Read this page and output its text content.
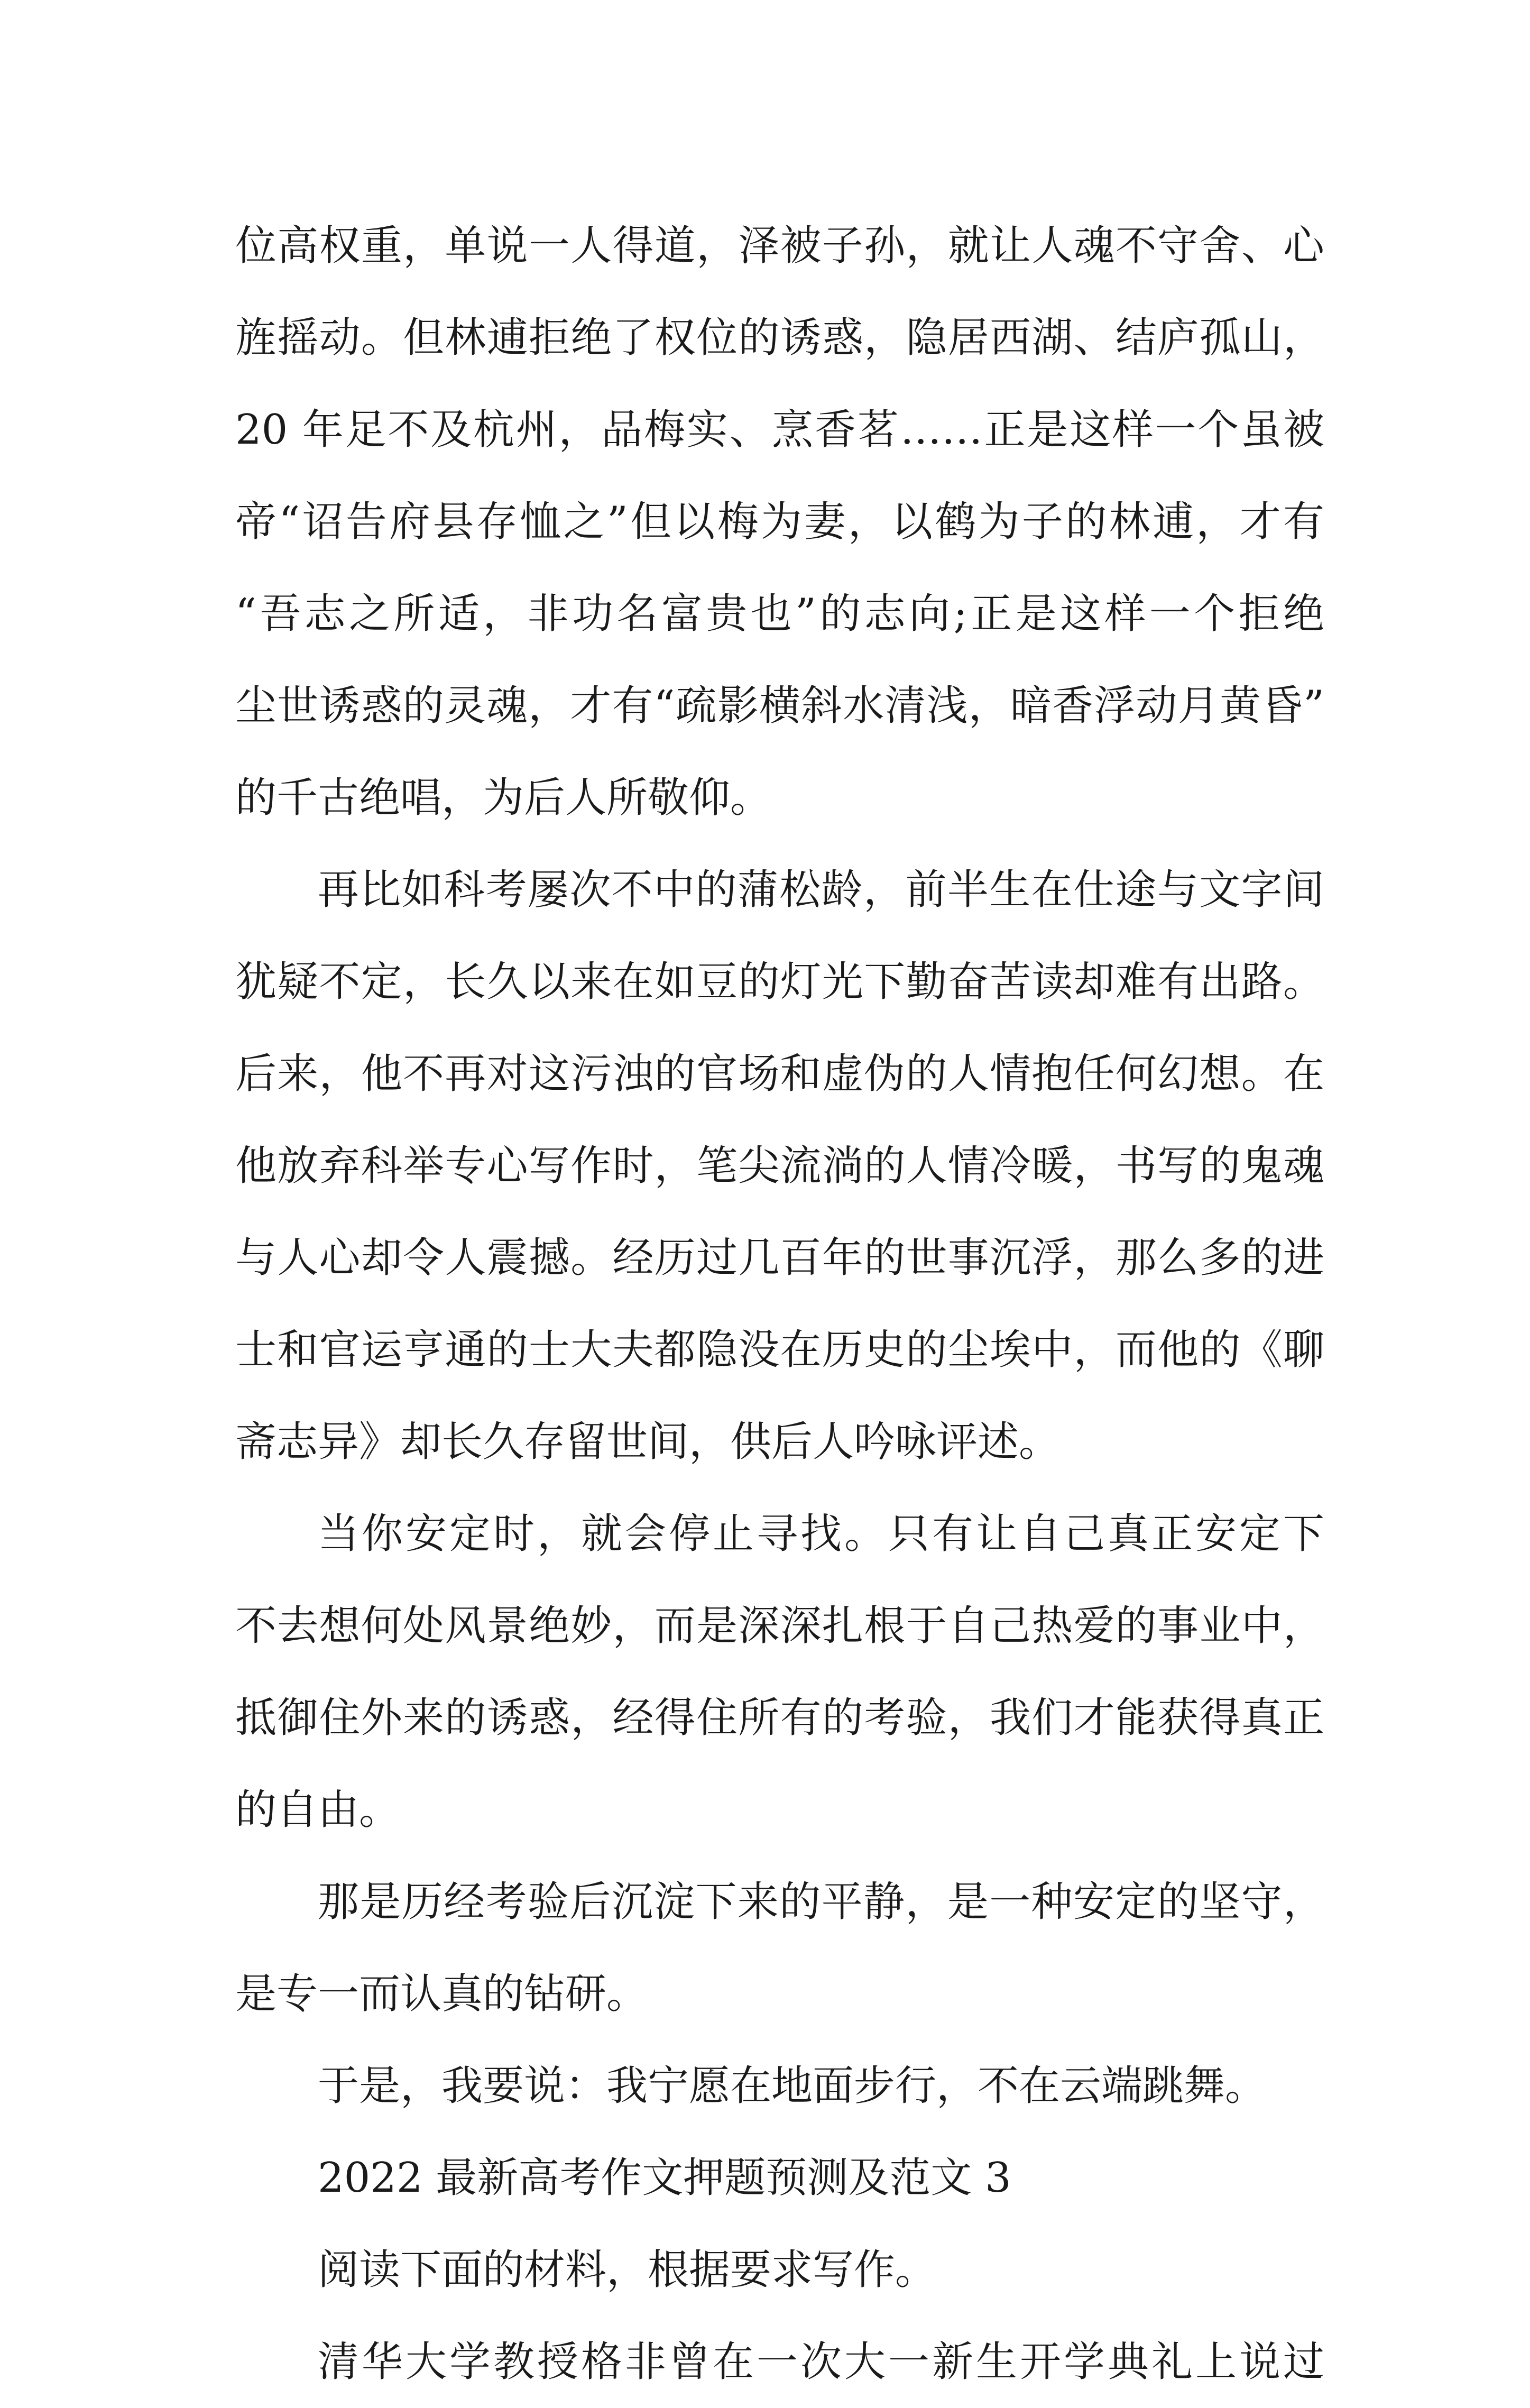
位高权重，单说一人得道，泽被子孙，就让人魂不守舍、心
旌摇动。但林逋拒绝了权位的诱惑，隐居西湖、结庐孤山，
20 年足不及杭州，品梅实、烹香茗……正是这样一个虽被
帝“诏告府县存恤之”但以梅为妻，以鹤为子的林逋，才有
“吾志之所适，非功名富贵也”的志向;正是这样一个拒绝
尘世诱惑的灵魂，才有“疏影横斜水清浅，暗香浮动月黄昏”
的千古绝唱，为后人所敬仰。
再比如科考屡次不中的蒲松龄，前半生在仕途与文字间
犹疑不定，长久以来在如豆的灯光下勤奋苦读却难有出路。
后来，他不再对这污浊的官场和虚伪的人情抱任何幻想。在
他放弃科举专心写作时，笔尖流淌的人情冷暖，书写的鬼魂
与人心却令人震撼。经历过几百年的世事沉浮，那么多的进
士和官运亨通的士大夫都隐没在历史的尘埃中，而他的《聊
斋志异》却长久存留世间，供后人吟咏评述。
当你安定时，就会停止寻找。只有让自己真正安定下
不去想何处风景绝妙，而是深深扎根于自己热爱的事业中，
抵御住外来的诱惑，经得住所有的考验，我们才能获得真正
的自由。
那是历经考验后沉淀下来的平静，是一种安定的坚守，
是专一而认真的钻研。
于是，我要说：我宁愿在地面步行，不在云端跳舞。
2022 最新高考作文押题预测及范文 3
阅读下面的材料，根据要求写作。
清华大学教授格非曾在一次大一新生开学典礼上说过
